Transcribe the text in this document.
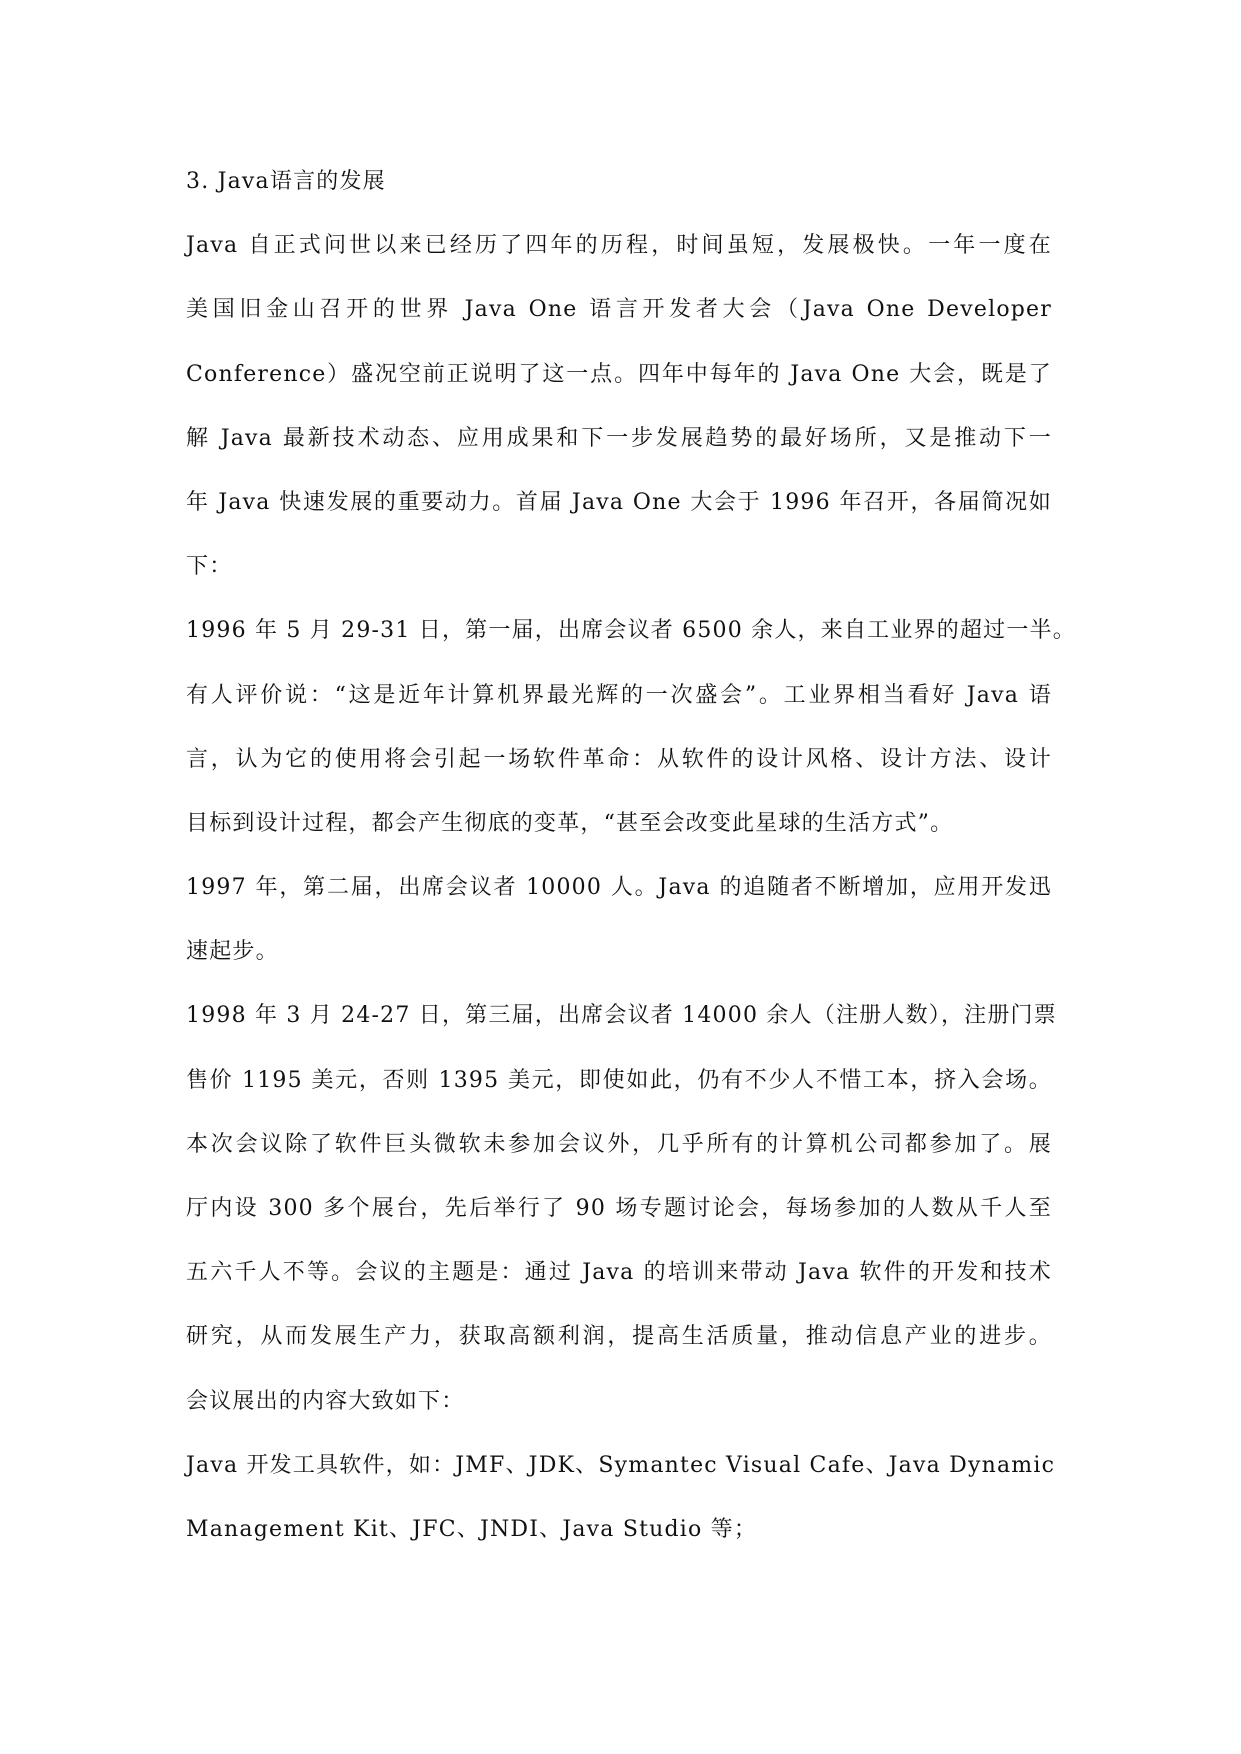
3. Java语言的发展
Java 自正式问世以来已经历了四年的历程，时间虽短，发展极快。一年一度在
美国旧金山召开的世界 Java One 语言开发者大会（Java One Developer
Conference）盛况空前正说明了这一点。四年中每年的 Java One 大会，既是了
解 Java 最新技术动态、应用成果和下一步发展趋势的最好场所，又是推动下一
年 Java 快速发展的重要动力。首届 Java One 大会于 1996 年召开，各届简况如
下：
1996 年 5 月 29-31 日，第一届，出席会议者 6500 余人，来自工业界的超过一半。
有人评价说：“这是近年计算机界最光辉的一次盛会”。工业界相当看好 Java 语
言，认为它的使用将会引起一场软件革命：从软件的设计风格、设计方法、设计
目标到设计过程，都会产生彻底的变革，“甚至会改变此星球的生活方式”。
1997 年，第二届，出席会议者 10000 人。Java 的追随者不断增加，应用开发迅
速起步。
1998 年 3 月 24-27 日，第三届，出席会议者 14000 余人（注册人数），注册门票
售价 1195 美元，否则 1395 美元，即使如此，仍有不少人不惜工本，挤入会场。
本次会议除了软件巨头微软未参加会议外，几乎所有的计算机公司都参加了。展
厅内设 300 多个展台，先后举行了 90 场专题讨论会，每场参加的人数从千人至
五六千人不等。会议的主题是：通过 Java 的培训来带动 Java 软件的开发和技术
研究，从而发展生产力，获取高额利润，提高生活质量，推动信息产业的进步。
会议展出的内容大致如下：
Java 开发工具软件，如：JMF、JDK、Symantec Visual Cafe、Java Dynamic
Management Kit、JFC、JNDI、Java Studio 等；
